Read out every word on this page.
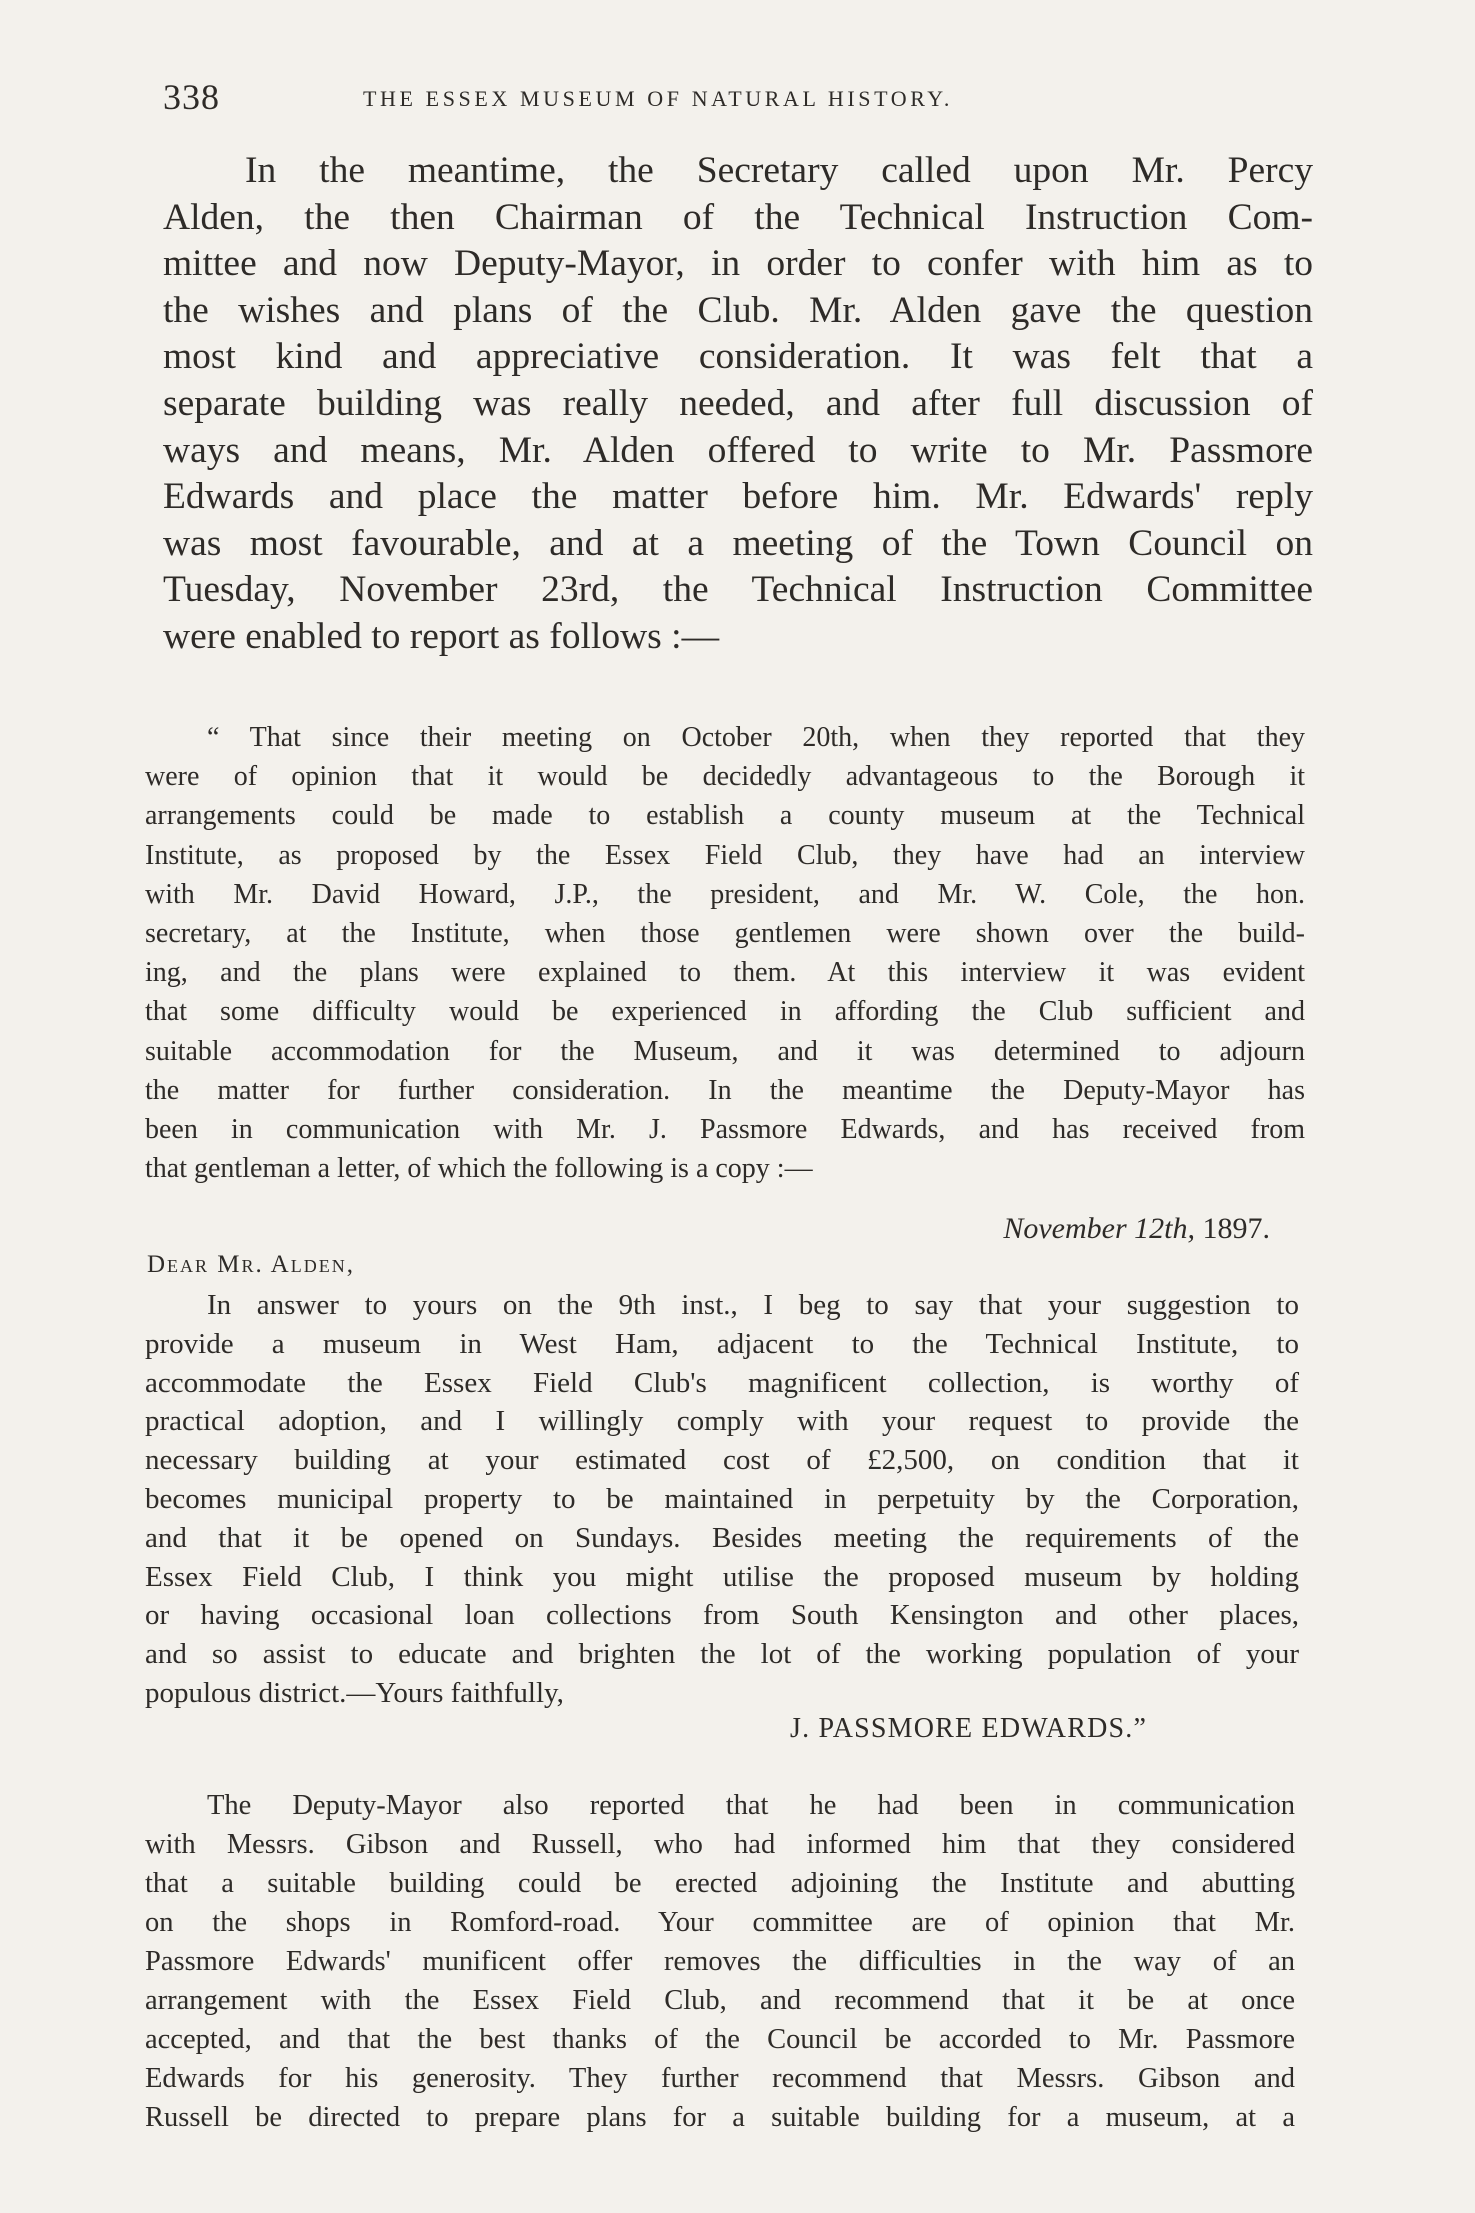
338	THE ESSEX MUSEUM OF NATURAL HISTORY.
In the meantime, the Secretary called upon Mr. Percy
Alden, the then Chairman of the Technical Instruction Com-
mittee and now Deputy-Mayor, in order to confer with him as to
the wishes and plans of the Club. Mr. Alden gave the question
most kind and appreciative consideration. It was felt that a
separate building was really needed, and after full discussion of
ways and means, Mr. Alden offered to write to Mr. Passmore
Edwards and place the matter before him. Mr. Edwards' reply
was most favourable, and at a meeting of the Town Council on
Tuesday, November 23rd, the Technical Instruction Committee
were enabled to report as follows :—
“ That since their meeting on October 20th, when they reported that they
were of opinion that it would be decidedly advantageous to the Borough it
arrangements could be made to establish a county museum at the Technical
Institute, as proposed by the Essex Field Club, they have had an interview
with Mr. David Howard, J.P., the president, and Mr. W. Cole, the hon.
secretary, at the Institute, when those gentlemen were shown over the build-
ing, and the plans were explained to them. At this interview it was evident
that some difficulty would be experienced in affording the Club sufficient and
suitable accommodation for the Museum, and it was determined to adjourn
the matter for further consideration. In the meantime the Deputy-Mayor has
been in communication with Mr. J. Passmore Edwards, and has received from
that gentleman a letter, of which the following is a copy :—
November 12th, 1897.
Dear Mr. Alden,
In answer to yours on the 9th inst., I beg to say that your suggestion to
provide a museum in West Ham, adjacent to the Technical Institute, to
accommodate the Essex Field Club's magnificent collection, is worthy of
practical adoption, and I willingly comply with your request to provide the
necessary building at your estimated cost of £2,500, on condition that it
becomes municipal property to be maintained in perpetuity by the Corporation,
and that it be opened on Sundays. Besides meeting the requirements of the
Essex Field Club, I think you might utilise the proposed museum by holding
or having occasional loan collections from South Kensington and other places,
and so assist to educate and brighten the lot of the working population of your
populous district.—Yours faithfully,
J. PASSMORE EDWARDS.”
The Deputy-Mayor also reported that he had been in communication
with Messrs. Gibson and Russell, who had informed him that they considered
that a suitable building could be erected adjoining the Institute and abutting
on the shops in Romford-road. Your committee are of opinion that Mr.
Passmore Edwards' munificent offer removes the difficulties in the way of an
arrangement with the Essex Field Club, and recommend that it be at once
accepted, and that the best thanks of the Council be accorded to Mr. Passmore
Edwards for his generosity. They further recommend that Messrs. Gibson and
Russell be directed to prepare plans for a suitable building for a museum, at a
